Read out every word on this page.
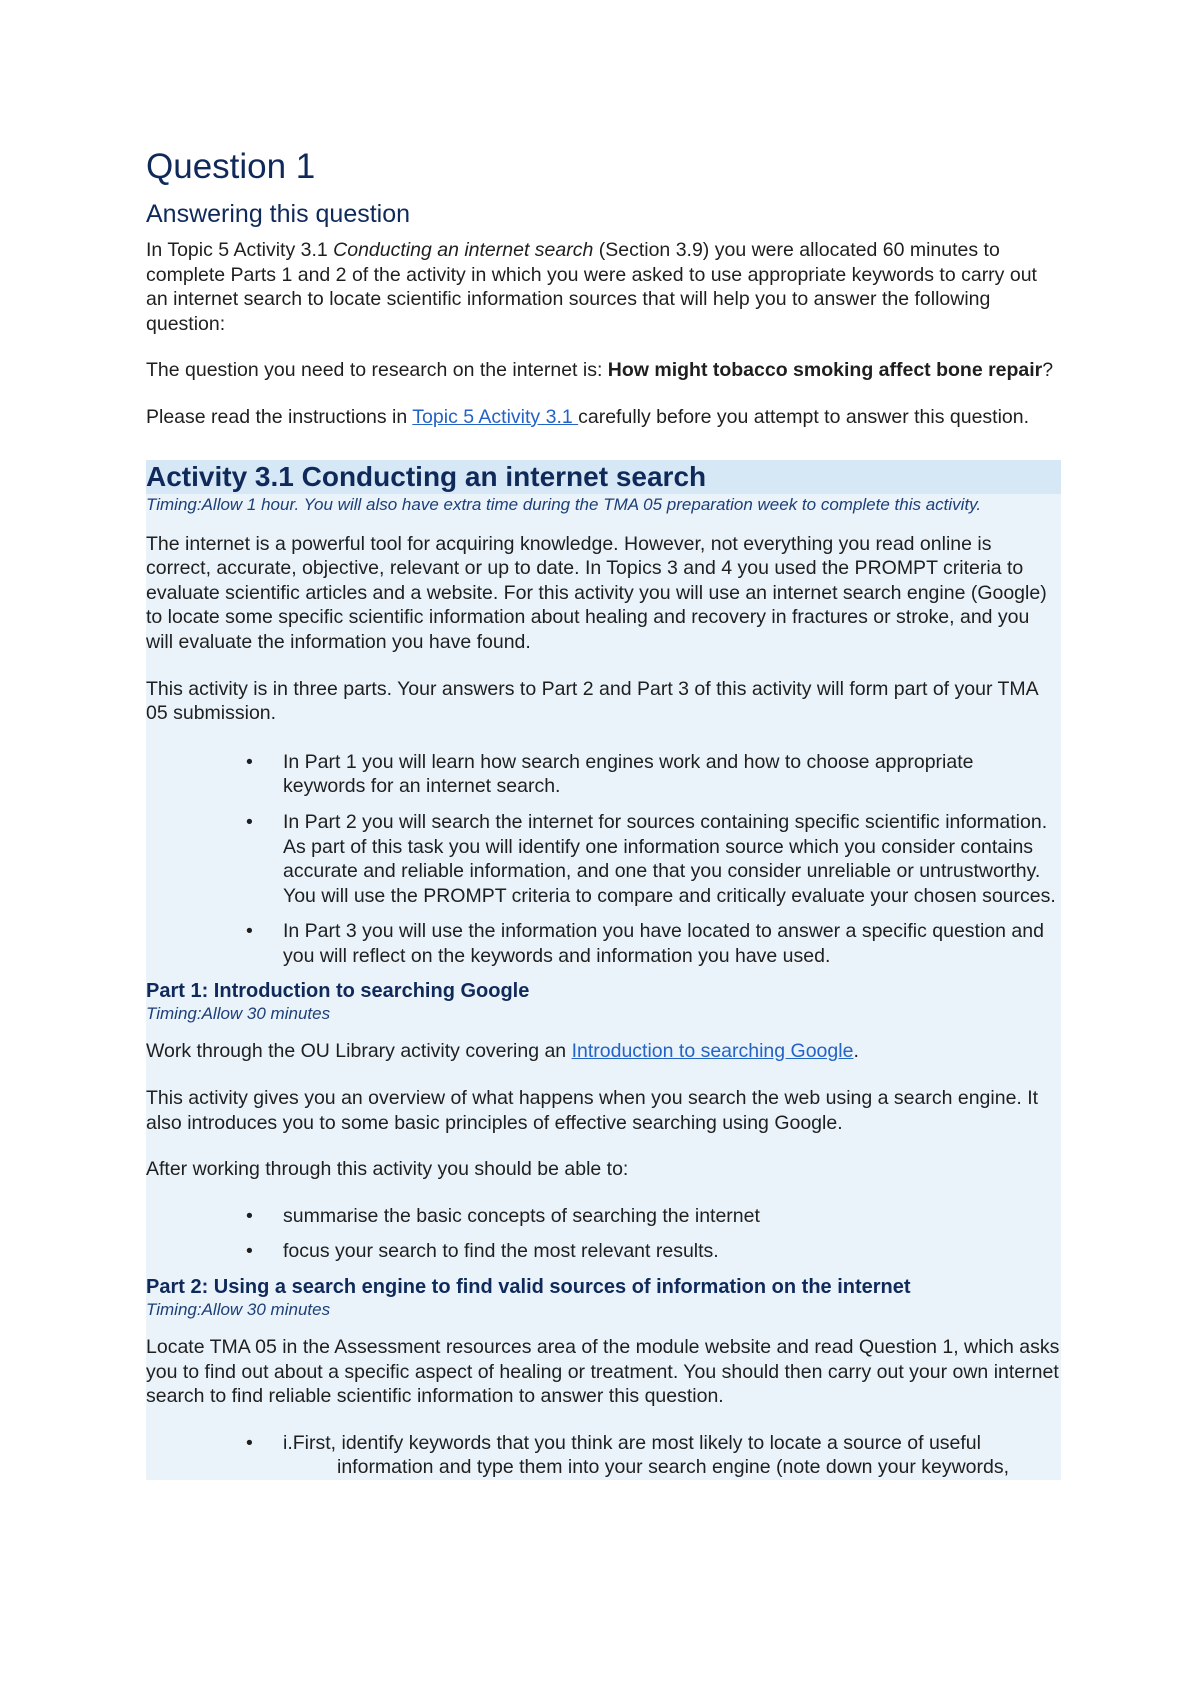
Question 1
Answering this question

In Topic 5 Activity 3.1 Conducting an internet search (Section 3.9) you were allocated 60 minutes to complete Parts 1 and 2 of the activity in which you were asked to use appropriate keywords to carry out an internet search to locate scientific information sources that will help you to answer the following question:

The question you need to research on the internet is: How might tobacco smoking affect bone repair?

Please read the instructions in Topic 5 Activity 3.1 carefully before you attempt to answer this question.

Activity 3.1 Conducting an internet search
Timing:Allow 1 hour. You will also have extra time during the TMA 05 preparation week to complete this activity.

The internet is a powerful tool for acquiring knowledge. However, not everything you read online is correct, accurate, objective, relevant or up to date. In Topics 3 and 4 you used the PROMPT criteria to evaluate scientific articles and a website. For this activity you will use an internet search engine (Google) to locate some specific scientific information about healing and recovery in fractures or stroke, and you will evaluate the information you have found.

This activity is in three parts. Your answers to Part 2 and Part 3 of this activity will form part of your TMA 05 submission.

• In Part 1 you will learn how search engines work and how to choose appropriate keywords for an internet search.
• In Part 2 you will search the internet for sources containing specific scientific information. As part of this task you will identify one information source which you consider contains accurate and reliable information, and one that you consider unreliable or untrustworthy. You will use the PROMPT criteria to compare and critically evaluate your chosen sources.
• In Part 3 you will use the information you have located to answer a specific question and you will reflect on the keywords and information you have used.
Part 1: Introduction to searching Google
Timing:Allow 30 minutes

Work through the OU Library activity covering an Introduction to searching Google.

This activity gives you an overview of what happens when you search the web using a search engine. It also introduces you to some basic principles of effective searching using Google.

After working through this activity you should be able to:

• summarise the basic concepts of searching the internet
• focus your search to find the most relevant results.
Part 2: Using a search engine to find valid sources of information on the internet
Timing:Allow 30 minutes

Locate TMA 05 in the Assessment resources area of the module website and read Question 1, which asks you to find out about a specific aspect of healing or treatment. You should then carry out your own internet search to find reliable scientific information to answer this question.

• i.First, identify keywords that you think are most likely to locate a source of useful

information and type them into your search engine (note down your keywords,
